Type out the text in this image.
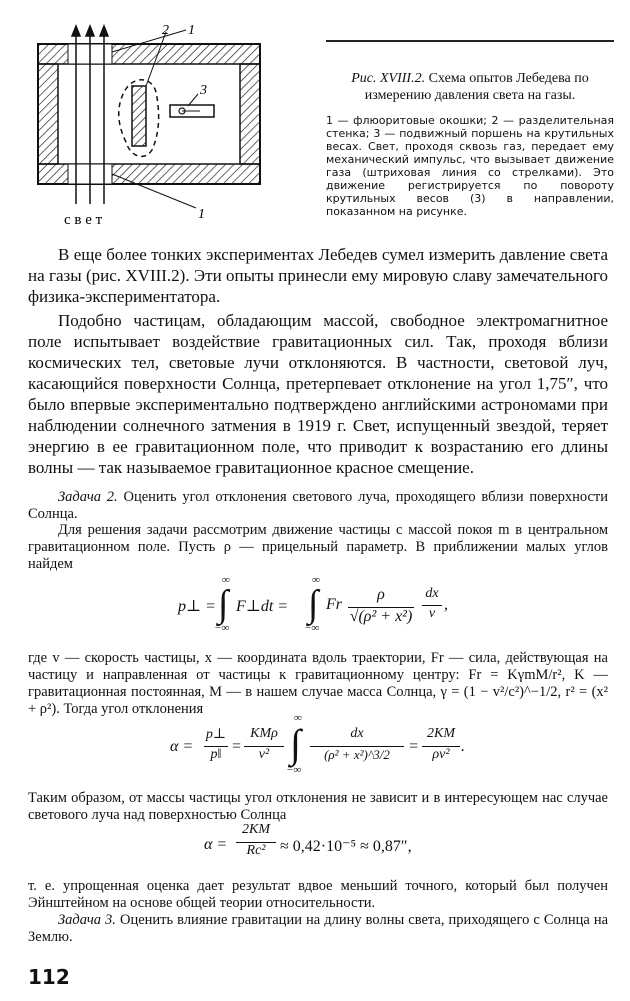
2 1
3
1
с в е т
Рис. XVIII.2. Схема опытов Лебедева по измерению давления света на газы.
1 — флюоритовые окошки; 2 — разделительная стенка; 3 — подвижный поршень на крутильных весах. Свет, проходя сквозь газ, передает ему механический импульс, что вызывает движение газа (штриховая линия со стрелками). Это движение регистрируется по повороту крутильных весов (3) в направлении, показанном на рисунке.

В еще более тонких экспериментах Лебедев сумел измерить давление света на газы (рис. XVIII.2). Эти опыты принесли ему мировую славу замечательного физика-экспериментатора.

Подобно частицам, обладающим массой, свободное электромагнитное поле испытывает воздействие гравитационных сил. Так, проходя вблизи космических тел, световые лучи отклоняются. В частности, световой луч, касающийся поверхности Солнца, претерпевает отклонение на угол 1,75″, что было впервые экспериментально подтверждено английскими астрономами при наблюдении солнечного затмения в 1919 г. Свет, испущенный звездой, теряет энергию в ее гравитационном поле, что приводит к возрастанию его длины волны — так называемое гравитационное красное смещение.

Задача 2. Оценить угол отклонения светового луча, проходящего вблизи поверхности Солнца.

Для решения задачи рассмотрим движение частицы с массой покоя m в центральном гравитационном поле. Пусть ρ — прицельный параметр. В приближении малых углов найдем

p⊥ =
∞
∫
−∞
F⊥dt =
∞
∫
−∞
Fr
ρ
√(ρ² + x²)
dx
v
,

где v — скорость частицы, x — координата вдоль траектории, Fr — сила, действующая на частицу и направленная от частицы к гравитационному центру: Fr = KγmM/r², K — гравитационная постоянная, M — в нашем случае масса Солнца, γ = (1 − v²/c²)^−1/2, r² = (x² + ρ²). Тогда угол отклонения

α =
p⊥
p‖ =
KMρ
v²
∞
∫
−∞
dx
(ρ² + x²)^3/2	=
2KM
ρv² .

Таким образом, от массы частицы угол отклонения не зависит и в интересующем нас случае светового луча над поверхностью Солнца

α =
2KM
Rc² ≈ 0,42·10⁻⁵ ≈ 0,87″,

т. е. упрощенная оценка дает результат вдвое меньший точного, который был получен Эйнштейном на основе общей теории относительности.

Задача 3. Оценить влияние гравитации на длину волны света, приходящего с Солнца на Землю.

112
